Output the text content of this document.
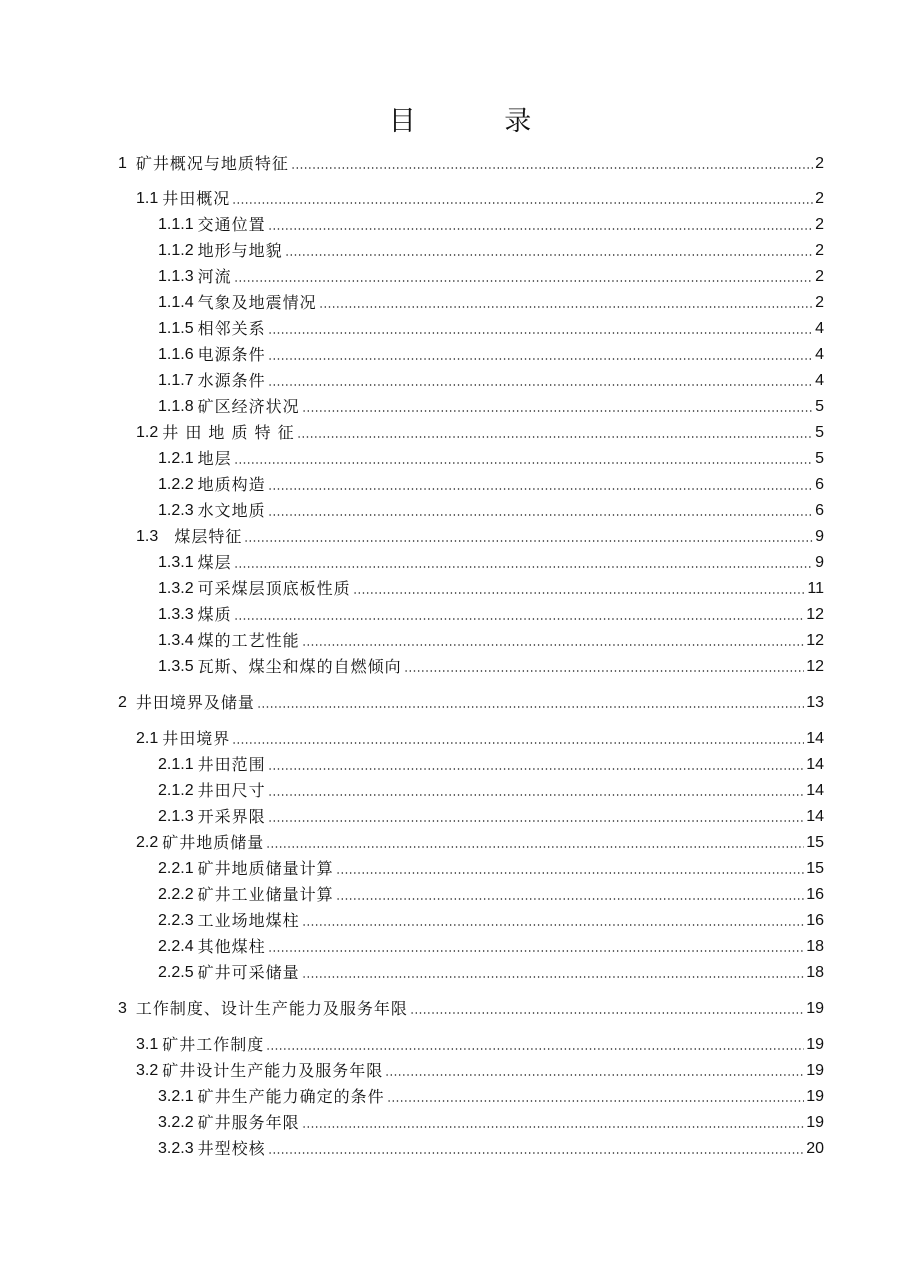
目 录
1 矿井概况与地质特征	2
1.1 井田概况	2
1.1.1 交通位置	2
1.1.2 地形与地貌	2
1.1.3 河流	2
1.1.4 气象及地震情况	2
1.1.5 相邻关系	4
1.1.6 电源条件	4
1.1.7 水源条件	4
1.1.8 矿区经济状况	5
1.2 井 田 地 质 特 征	5
1.2.1 地层	5
1.2.2 地质构造	6
1.2.3 水文地质	6
1.3 煤层特征	9
1.3.1 煤层	9
1.3.2 可采煤层顶底板性质	11
1.3.3 煤质	12
1.3.4 煤的工艺性能	12
1.3.5 瓦斯、煤尘和煤的自燃倾向	12
2 井田境界及储量	13
2.1 井田境界	14
2.1.1 井田范围	14
2.1.2 井田尺寸	14
2.1.3 开采界限	14
2.2 矿井地质储量	15
2.2.1 矿井地质储量计算	15
2.2.2 矿井工业储量计算	16
2.2.3 工业场地煤柱	16
2.2.4 其他煤柱	18
2.2.5 矿井可采储量	18
3 工作制度、设计生产能力及服务年限	19
3.1 矿井工作制度	19
3.2 矿井设计生产能力及服务年限	19
3.2.1 矿井生产能力确定的条件	19
3.2.2 矿井服务年限	19
3.2.3 井型校核	20
